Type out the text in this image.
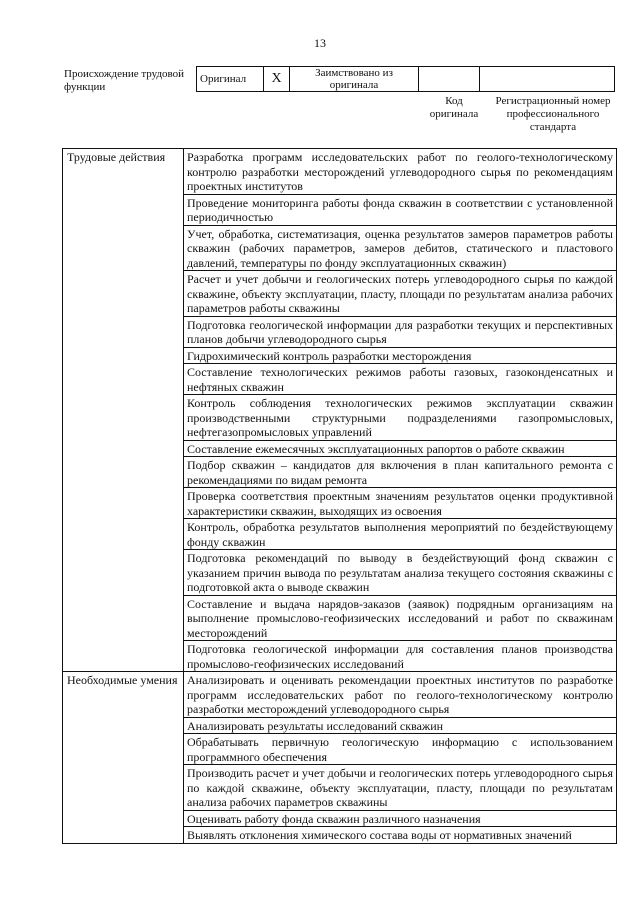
13
Происхождение трудовой функции
Оригинал	X	Заимствовано из оригинала		
Код оригинала
Регистрационный номер профессионального стандарта
Трудовые действия	Разработка программ исследовательских работ по геолого-технологическому контролю разработки месторождений углеводородного сырья по рекомендациям проектных институтов
	Проведение мониторинга работы фонда скважин в соответствии с установленной периодичностью
	Учет, обработка, систематизация, оценка результатов замеров параметров работы скважин (рабочих параметров, замеров дебитов, статического и пластового давлений, температуры по фонду эксплуатационных скважин)
	Расчет и учет добычи и геологических потерь углеводородного сырья по каждой скважине, объекту эксплуатации, пласту, площади по результатам анализа рабочих параметров работы скважины
	Подготовка геологической информации для разработки текущих и перспективных планов добычи углеводородного сырья
	Гидрохимический контроль разработки месторождения
	Составление технологических режимов работы газовых, газоконденсатных и нефтяных скважин
	Контроль соблюдения технологических режимов эксплуатации скважин производственными структурными подразделениями газопромысловых, нефтегазопромысловых управлений
	Составление ежемесячных эксплуатационных рапортов о работе скважин
	Подбор скважин – кандидатов для включения в план капитального ремонта с рекомендациями по видам ремонта
	Проверка соответствия проектным значениям результатов оценки продуктивной характеристики скважин, выходящих из освоения
	Контроль, обработка результатов выполнения мероприятий по бездействующему фонду скважин
	Подготовка рекомендаций по выводу в бездействующий фонд скважин с указанием причин вывода по результатам анализа текущего состояния скважины с подготовкой акта о выводе скважин
	Составление и выдача нарядов-заказов (заявок) подрядным организациям на выполнение промыслово-геофизических исследований и работ по скважинам месторождений
	Подготовка геологической информации для составления планов производства промыслово-геофизических исследований
Необходимые умения	Анализировать и оценивать рекомендации проектных институтов по разработке программ исследовательских работ по геолого-технологическому контролю разработки месторождений углеводородного сырья
	Анализировать результаты исследований скважин
	Обрабатывать первичную геологическую информацию с использованием программного обеспечения
	Производить расчет и учет добычи и геологических потерь углеводородного сырья по каждой скважине, объекту эксплуатации, пласту, площади по результатам анализа рабочих параметров скважины
	Оценивать работу фонда скважин различного назначения
	Выявлять отклонения химического состава воды от нормативных значений
